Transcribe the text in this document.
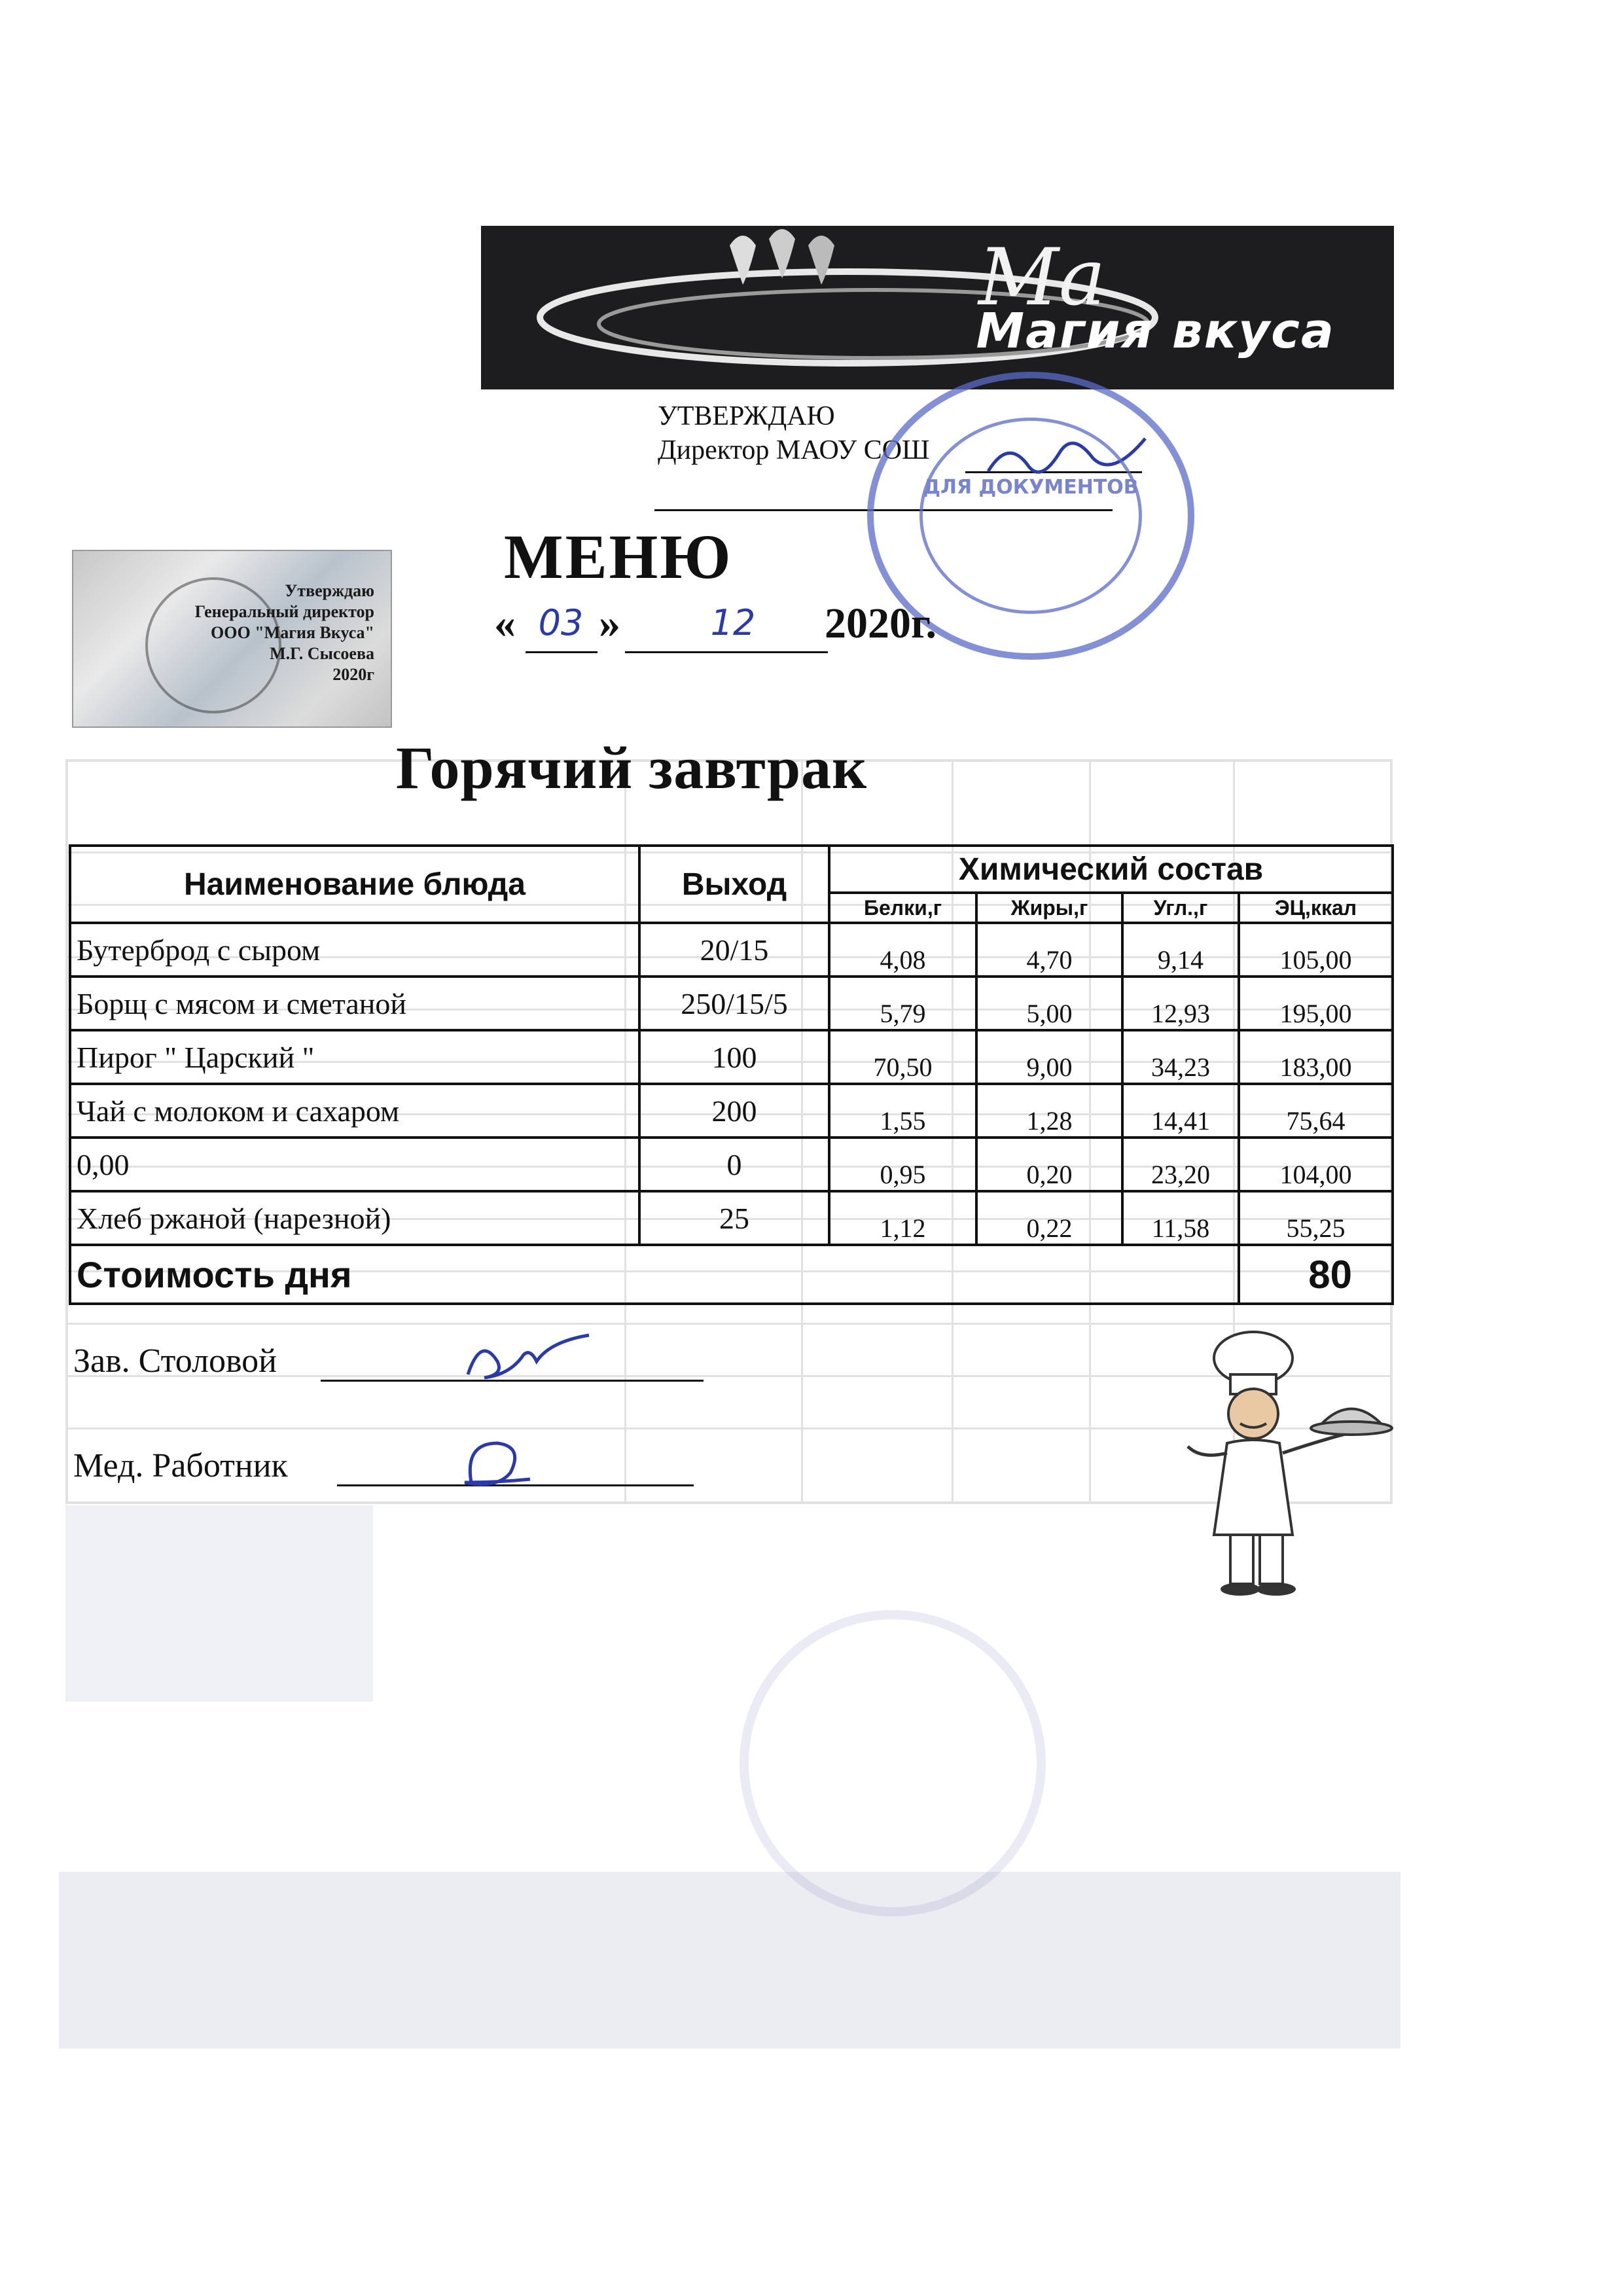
Ма
Магия вкуса
УТВЕРЖДАЮ
Директор МАОУ СОШ
ДЛЯ ДОКУМЕНТОВ
Утверждаю
Генеральный директор
ООО "Магия Вкуса"
М.Г. Сысоева
2020г
МЕНЮ
« 03 »	12	2020г.
Горячий завтрак
Наименование блюда	Выход	Химический состав			
		Белки,г	Жиры,г	Угл.,г	ЭЦ,ккал
Бутерброд с сыром	20/15	4,08	4,70	9,14	105,00
Борщ с мясом и сметаной	250/15/5	5,79	5,00	12,93	195,00
Пирог " Царский "	100	70,50	9,00	34,23	183,00
Чай с молоком и сахаром	200	1,55	1,28	14,41	75,64
0,00	0	0,95	0,20	23,20	104,00
Хлеб ржаной (нарезной)	25	1,12	0,22	11,58	55,25
Стоимость дня					80
Зав. Столовой
Мед. Работник
